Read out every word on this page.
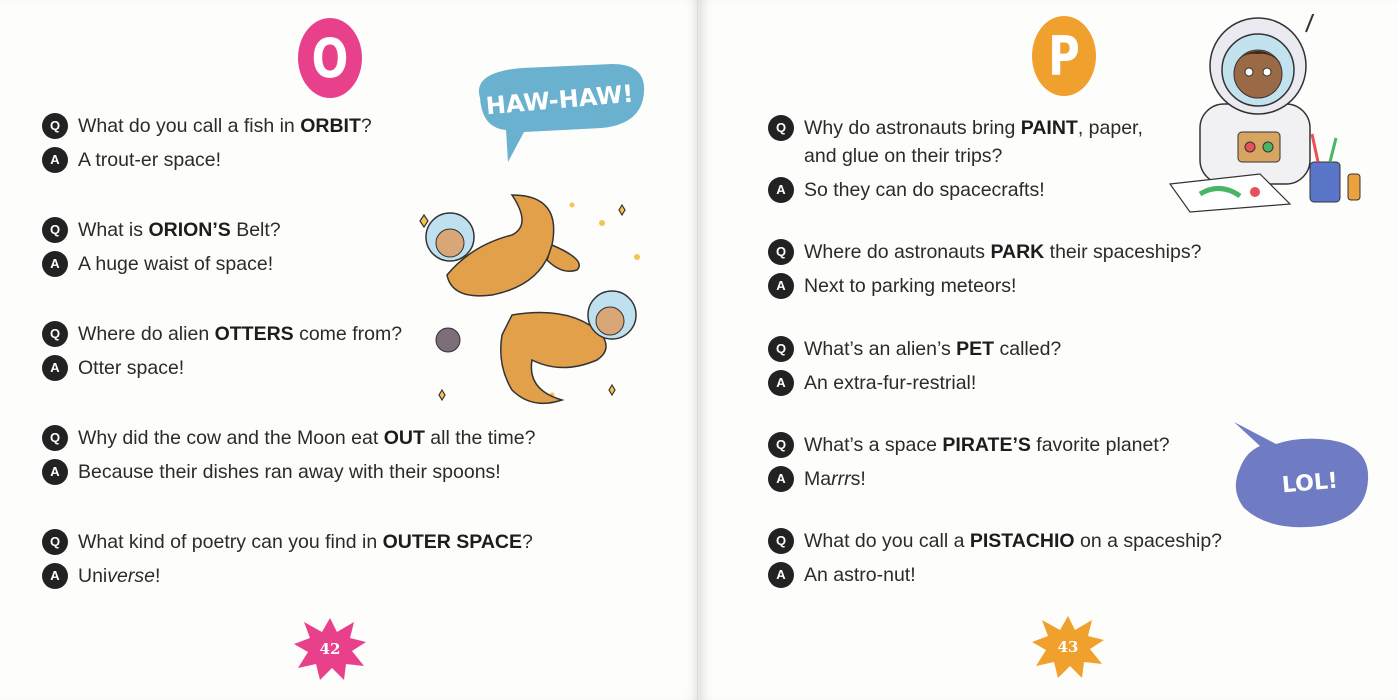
O
HAW-HAW!
Q What do you call a fish in ORBIT?
A A trout-er space!
Q What is ORION’S Belt?
A A huge waist of space!
Q Where do alien OTTERS come from?
A Otter space!
Q Why did the cow and the Moon eat OUT all the time?
A Because their dishes ran away with their spoons!
Q What kind of poetry can you find in OUTER SPACE?
A Universe!
42
P
LOL!
Q Why do astronauts bring PAINT, paper,
and glue on their trips?
A So they can do spacecrafts!
Q Where do astronauts PARK their spaceships?
A Next to parking meteors!
Q What’s an alien’s PET called?
A An extra-fur-restrial!
Q What’s a space PIRATE’S favorite planet?
A Marrrs!
Q What do you call a PISTACHIO on a spaceship?
A An astro-nut!
43
